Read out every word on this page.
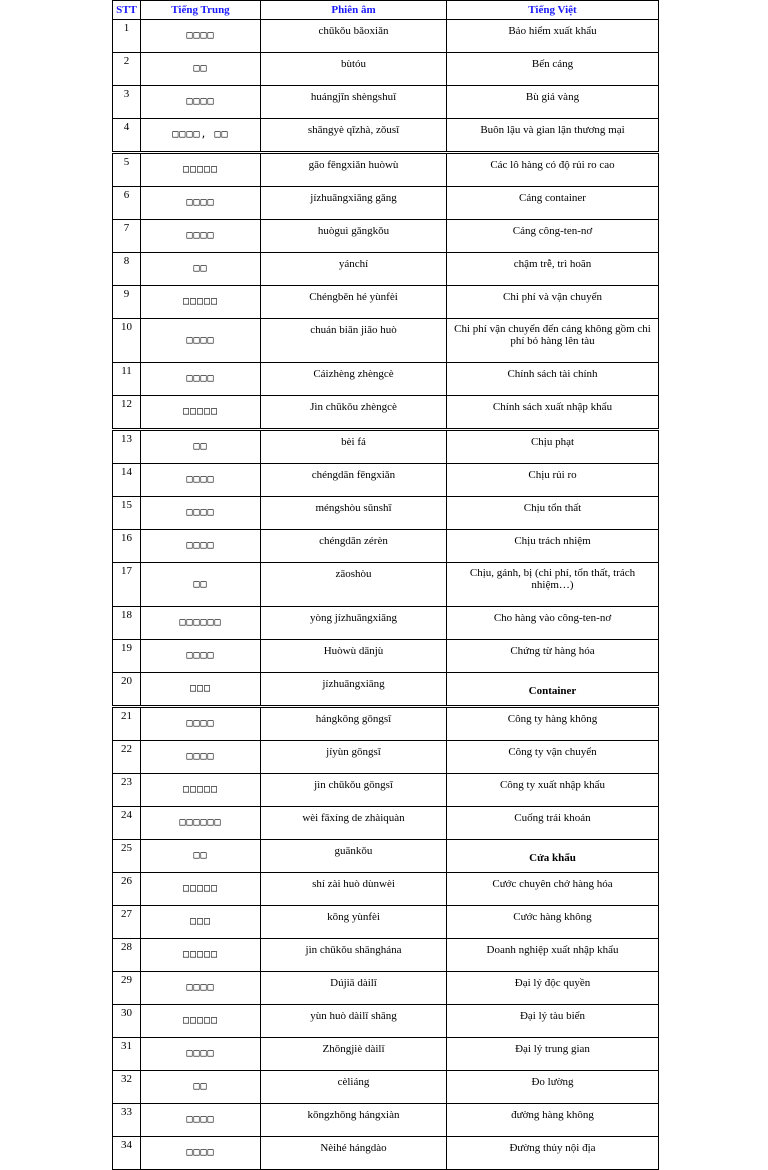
STT	Tiếng Trung	Phiên âm	Tiếng Việt
1	□□□□	chūkǒu bǎoxiǎn	Bảo hiểm xuất khẩu
2	□□	bùtóu	Bến cảng
3	□□□□	huángjīn shèngshuǐ	Bù giá vàng
4	□□□□, □□	shāngyè qīzhà, zǒusī	Buôn lậu và gian lận thương mại
5	□□□□□	gāo fēngxiǎn huòwù	Các lô hàng có độ rủi ro cao
6	□□□□	jízhuāngxiāng gǎng	Cảng container
7	□□□□	huòguì gǎngkǒu	Cảng công-ten-nơ
8	□□	yánchí	chậm trễ, trì hoãn
9	□□□□□	Chéngběn hé yùnfèi	Chi phí và vận chuyển
10	□□□□	chuán biān jiāo huò	Chi phí vận chuyển đến cảng không gồm chi phí bỏ hàng lên tàu
11	□□□□	Cáizhèng zhèngcè	Chính sách tài chính
12	□□□□□	Jìn chūkǒu zhèngcè	Chính sách xuất nhập khẩu
13	□□	bèi fá	Chịu phạt
14	□□□□	chéngdān fēngxiǎn	Chịu rủi ro
15	□□□□	méngshòu sǔnshī	Chịu tổn thất
16	□□□□	chéngdān zérèn	Chịu trách nhiệm
17	□□	zāoshòu	Chịu, gánh, bị (chi phí, tổn thất, trách nhiệm…)
18	□□□□□□	yòng jízhuāngxiāng	Cho hàng vào công-ten-nơ
19	□□□□	Huòwù dānjù	Chứng từ hàng hóa
20	□□□	jízhuāngxiāng	Container
21	□□□□	hángkōng gōngsī	Công ty hàng không
22	□□□□	jíyùn gōngsī	Công ty vận chuyển
23	□□□□□	jìn chūkǒu gōngsī	Công ty xuất nhập khẩu
24	□□□□□□	wèi fāxíng de zhàiquàn	Cuống trái khoán
25	□□	guānkǒu	Cửa khẩu
26	□□□□□	shí zài huò dùnwèi	Cước chuyên chở hàng hóa
27	□□□	kōng yùnfèi	Cước hàng không
28	□□□□□	jìn chūkǒu shānghána	Doanh nghiệp xuất nhập khẩu
29	□□□□	Dújiā dàilǐ	Đại lý độc quyền
30	□□□□□	yùn huò dàilǐ shāng	Đại lý tàu biển
31	□□□□	Zhōngjiè dàilǐ	Đại lý trung gian
32	□□	cèliáng	Đo lường
33	□□□□	kōngzhōng hángxiàn	đường hàng không
34	□□□□	Nèihé hángdào	Đường thủy nội địa
